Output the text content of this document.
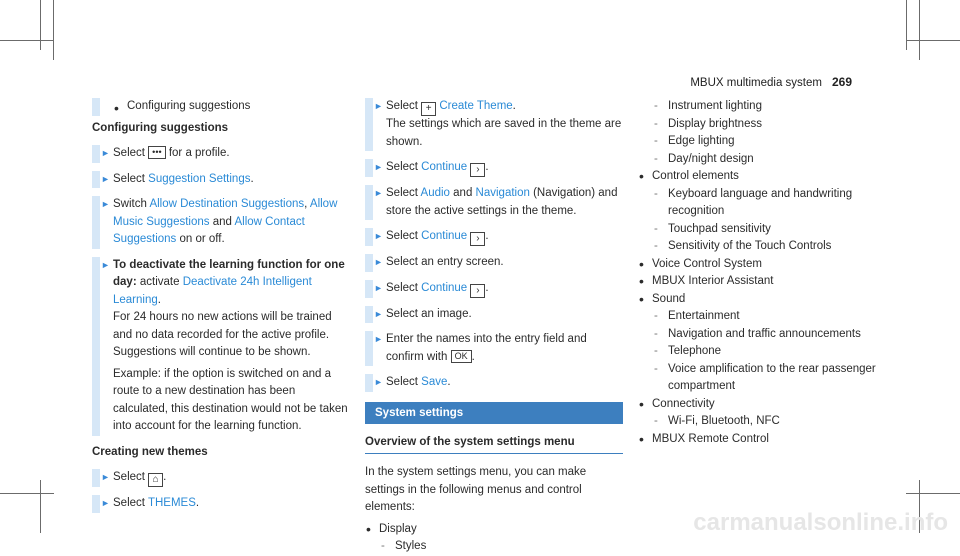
MBUX multimedia system 269
• Configuring suggestions
Configuring suggestions
► Select ••• for a profile.
► Select Suggestion Settings.
► Switch Allow Destination Suggestions, Allow Music Suggestions and Allow Contact Suggestions on or off.
► To deactivate the learning function for one day: activate Deactivate 24h Intelligent Learning.
For 24 hours no new actions will be trained and no data recorded for the active profile. Suggestions will continue to be shown.
Example: if the option is switched on and a route to a new destination has been calculated, this destination would not be taken into account for the learning function.
Creating new themes
► Select ⌂ .
► Select THEMES.
► Select + Create Theme.
The settings which are saved in the theme are shown.
► Select Continue › .
► Select Audio and Navigation (Navigation) and store the active settings in the theme.
► Select Continue › .
► Select an entry screen.
► Select Continue › .
► Select an image.
► Enter the names into the entry field and confirm with OK .
► Select Save.
System settings
Overview of the system settings menu
In the system settings menu, you can make settings in the following menus and control elements:
• Display
- Styles
- Instrument lighting
- Display brightness
- Edge lighting
- Day/night design
• Control elements
- Keyboard language and handwriting recognition
- Touchpad sensitivity
- Sensitivity of the Touch Controls
• Voice Control System
• MBUX Interior Assistant
• Sound
- Entertainment
- Navigation and traffic announcements
- Telephone
- Voice amplification to the rear passenger compartment
• Connectivity
- Wi-Fi, Bluetooth, NFC
• MBUX Remote Control
carmanualsonline.info
